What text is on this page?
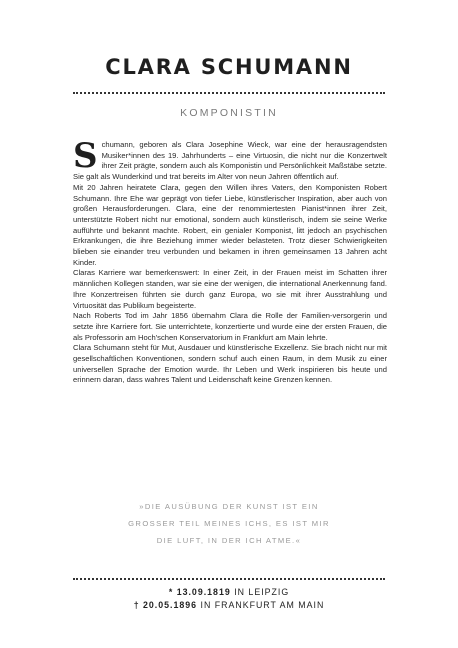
CLARA SCHUMANN
KOMPONISTIN

Schumann, geboren als Clara Josephine Wieck, war eine der herausragendsten Musiker*innen des 19. Jahrhunderts – eine Virtuosin, die nicht nur die Konzertwelt ihrer Zeit prägte, sondern auch als Komponistin und Persönlichkeit Maßstäbe setzte. Sie galt als Wunderkind und trat bereits im Alter von neun Jahren öffentlich auf.

Mit 20 Jahren heiratete Clara, gegen den Willen ihres Vaters, den Komponisten Robert Schumann. Ihre Ehe war geprägt von tiefer Liebe, künstlerischer Inspiration, aber auch von großen Herausforderungen. Clara, eine der renommiertesten Pianist*innen ihrer Zeit, unterstützte Robert nicht nur emotional, sondern auch künstlerisch, indem sie seine Werke aufführte und bekannt machte. Robert, ein genialer Komponist, litt jedoch an psychischen Erkrankungen, die ihre Beziehung immer wieder belasteten. Trotz dieser Schwierigkeiten blieben sie einander treu verbunden und bekamen in ihren gemeinsamen 13 Jahren acht Kinder.

Claras Karriere war bemerkenswert: In einer Zeit, in der Frauen meist im Schatten ihrer männlichen Kollegen standen, war sie eine der wenigen, die international Anerkennung fand. Ihre Konzertreisen führten sie durch ganz Europa, wo sie mit ihrer Ausstrahlung und Virtuosität das Publikum begeisterte.

Nach Roberts Tod im Jahr 1856 übernahm Clara die Rolle der Familien-versorgerin und setzte ihre Karriere fort. Sie unterrichtete, konzertierte und wurde eine der ersten Frauen, die als Professorin am Hoch'schen Konservatorium in Frankfurt am Main lehrte.

Clara Schumann steht für Mut, Ausdauer und künstlerische Exzellenz. Sie brach nicht nur mit gesellschaftlichen Konventionen, sondern schuf auch einen Raum, in dem Musik zu einer universellen Sprache der Emotion wurde. Ihr Leben und Werk inspirieren bis heute und erinnern daran, dass wahres Talent und Leidenschaft keine Grenzen kennen.

»DIE AUSÜBUNG DER KUNST IST EIN
GROSSER TEIL MEINES ICHS, ES IST MIR
DIE LUFT, IN DER ICH ATME.«
* 13.09.1819 IN LEIPZIG
† 20.05.1896 IN FRANKFURT AM MAIN
